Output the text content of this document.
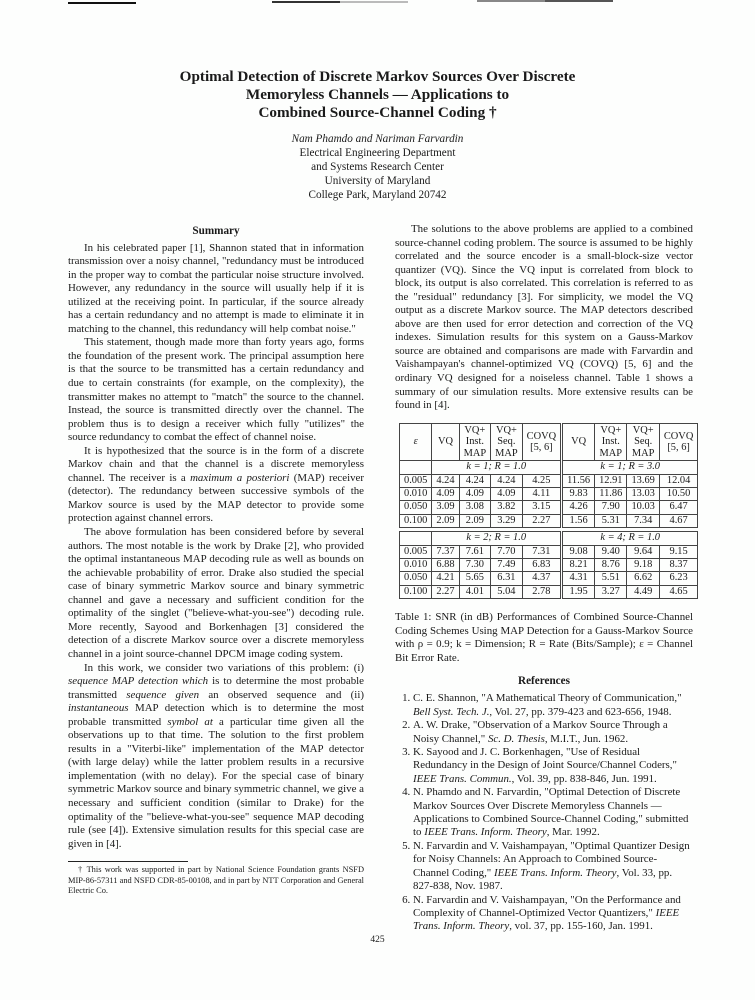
Optimal Detection of Discrete Markov Sources Over Discrete
Memoryless Channels — Applications to
Combined Source-Channel Coding †
Nam Phamdo and Nariman Farvardin
Electrical Engineering Department
and Systems Research Center
University of Maryland
College Park, Maryland 20742
Summary

In his celebrated paper [1], Shannon stated that in information transmission over a noisy channel, "redundancy must be introduced in the proper way to combat the particular noise structure involved. However, any redundancy in the source will usually help if it is utilized at the receiving point. In particular, if the source already has a certain redundancy and no attempt is made to eliminate it in matching to the channel, this redundancy will help combat noise."

This statement, though made more than forty years ago, forms the foundation of the present work. The principal assumption here is that the source to be transmitted has a certain redundancy and due to certain constraints (for example, on the complexity), the transmitter makes no attempt to "match" the source to the channel. Instead, the source is transmitted directly over the channel. The problem thus is to design a receiver which fully "utilizes" the source redundancy to combat the effect of channel noise.

It is hypothesized that the source is in the form of a discrete Markov chain and that the channel is a discrete memoryless channel. The receiver is a maximum a posteriori (MAP) receiver (detector). The redundancy between successive symbols of the Markov source is used by the MAP detector to provide some protection against channel errors.

The above formulation has been considered before by several authors. The most notable is the work by Drake [2], who provided the optimal instantaneous MAP decoding rule as well as bounds on the achievable probability of error. Drake also studied the special case of binary symmetric Markov source and binary symmetric channel and gave a necessary and sufficient condition for the optimality of the singlet ("believe-what-you-see") decoding rule. More recently, Sayood and Borkenhagen [3] considered the detection of a discrete Markov source over a discrete memoryless channel in a joint source-channel DPCM image coding system.

In this work, we consider two variations of this problem: (i) sequence MAP detection which is to determine the most probable transmitted sequence given an observed sequence and (ii) instantaneous MAP detection which is to determine the most probable transmitted symbol at a particular time given all the observations up to that time. The solution to the first problem results in a "Viterbi-like" implementation of the MAP detector (with large delay) while the latter problem results in a recursive implementation (with no delay). For the special case of binary symmetric Markov source and binary symmetric channel, we give a necessary and sufficient condition (similar to Drake) for the optimality of the "believe-what-you-see" sequence MAP decoding rule (see [4]). Extensive simulation results for this special case are given in [4].

† This work was supported in part by National Science Foundation grants NSFD MIP-86-57311 and NSFD CDR-85-00108, and in part by NTT Corporation and General Electric Co.

The solutions to the above problems are applied to a combined source-channel coding problem. The source is assumed to be highly correlated and the source encoder is a small-block-size vector quantizer (VQ). Since the VQ input is correlated from block to block, its output is also correlated. This correlation is referred to as the "residual" redundancy [3]. For simplicity, we model the VQ output as a discrete Markov source. The MAP detectors described above are then used for error detection and correction of the VQ indexes. Simulation results for this system on a Gauss-Markov source are obtained and comparisons are made with Farvardin and Vaishampayan's channel-optimized VQ (COVQ) [5, 6] and the ordinary VQ designed for a noiseless channel. Table 1 shows a summary of our simulation results. More extensive results can be found in [4].

ε	VQ	VQ+
Inst.
MAP	VQ+
Seq.
MAP	COVQ
[5, 6]	VQ	VQ+
Inst.
MAP	VQ+
Seq.
MAP	COVQ
[5, 6]
	k = 1; R = 1.0				k = 1; R = 3.0			
0.005	4.24	4.24	4.24	4.25	11.56	12.91	13.69	12.04
0.010	4.09	4.09	4.09	4.11	9.83	11.86	13.03	10.50
0.050	3.09	3.08	3.82	3.15	4.26	7.90	10.03	6.47
0.100	2.09	2.09	3.29	2.27	1.56	5.31	7.34	4.67

	k = 2; R = 1.0				k = 4; R = 1.0			
0.005	7.37	7.61	7.70	7.31	9.08	9.40	9.64	9.15
0.010	6.88	7.30	7.49	6.83	8.21	8.76	9.18	8.37
0.050	4.21	5.65	6.31	4.37	4.31	5.51	6.62	6.23
0.100	2.27	4.01	5.04	2.78	1.95	3.27	4.49	4.65
Table 1: SNR (in dB) Performances of Combined Source-Channel Coding Schemes Using MAP Detection for a Gauss-Markov Source with ρ = 0.9; k = Dimension; R = Rate (Bits/Sample); ε = Channel Bit Error Rate.
References
1. C. E. Shannon, "A Mathematical Theory of Communication," Bell Syst. Tech. J., Vol. 27, pp. 379-423 and 623-656, 1948.
2. A. W. Drake, "Observation of a Markov Source Through a Noisy Channel," Sc. D. Thesis, M.I.T., Jun. 1962.
3. K. Sayood and J. C. Borkenhagen, "Use of Residual Redundancy in the Design of Joint Source/Channel Coders," IEEE Trans. Commun., Vol. 39, pp. 838-846, Jun. 1991.
4. N. Phamdo and N. Farvardin, "Optimal Detection of Discrete Markov Sources Over Discrete Memoryless Channels — Applications to Combined Source-Channel Coding," submitted to IEEE Trans. Inform. Theory, Mar. 1992.
5. N. Farvardin and V. Vaishampayan, "Optimal Quantizer Design for Noisy Channels: An Approach to Combined Source-Channel Coding," IEEE Trans. Inform. Theory, Vol. 33, pp. 827-838, Nov. 1987.
6. N. Farvardin and V. Vaishampayan, "On the Performance and Complexity of Channel-Optimized Vector Quantizers," IEEE Trans. Inform. Theory, vol. 37, pp. 155-160, Jan. 1991.
425
